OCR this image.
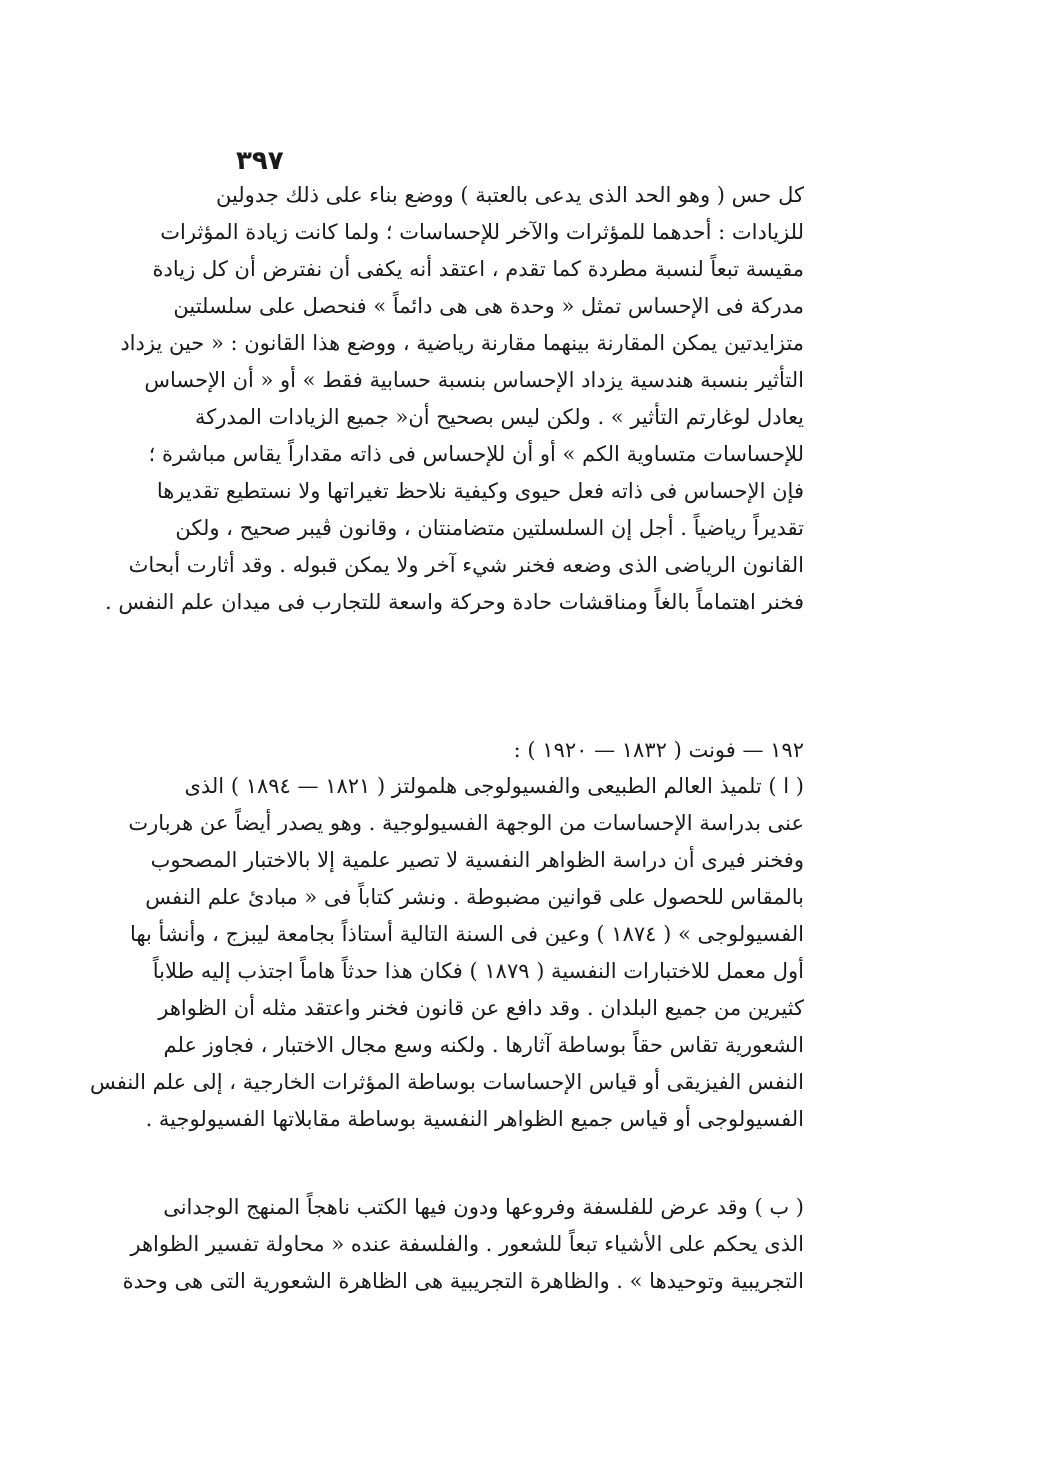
٣٩٧
كل حس ( وهو الحد الذى يدعى بالعتبة ) ووضع بناء على ذلك جدولين
للزيادات : أحدهما للمؤثرات والآخر للإحساسات ؛ ولما كانت زيادة المؤثرات
مقيسة تبعاً لنسبة مطردة كما تقدم ، اعتقد أنه يكفى أن نفترض أن كل زيادة
مدركة فى الإحساس تمثل « وحدة هى هى دائماً » فنحصل على سلسلتين
متزايدتين يمكن المقارنة بينهما مقارنة رياضية ، ووضع هذا القانون : « حين يزداد
التأثير بنسبة هندسية يزداد الإحساس بنسبة حسابية فقط » أو « أن الإحساس
يعادل لوغارتم التأثير » . ولكن ليس بصحيح أن« جميع الزيادات المدركة
للإحساسات متساوية الكم » أو أن للإحساس فى ذاته مقداراً يقاس مباشرة ؛
فإن الإحساس فى ذاته فعل حيوى وكيفية نلاحظ تغيراتها ولا نستطيع تقديرها
تقديراً رياضياً . أجل إن السلسلتين متضامنتان ، وقانون ڤيبر صحيح ، ولكن
القانون الرياضى الذى وضعه فخنر شيء آخر ولا يمكن قبوله . وقد أثارت أبحاث
فخنر اهتماماً بالغاً ومناقشات حادة وحركة واسعة للتجارب فى ميدان علم النفس .
١٩٢ — فونت ( ١٨٣٢ — ١٩٢٠ ) :
( ا ) تلميذ العالم الطبيعى والفسيولوجى هلمولتز ( ١٨٢١ — ١٨٩٤ ) الذى
عنى بدراسة الإحساسات من الوجهة الفسيولوجية . وهو يصدر أيضاً عن هربارت
وفخنر فيرى أن دراسة الظواهر النفسية لا تصير علمية إلا بالاختبار المصحوب
بالمقاس للحصول على قوانين مضبوطة . ونشر كتاباً فى « مبادئ علم النفس
الفسيولوجى » ( ١٨٧٤ ) وعين فى السنة التالية أستاذاً بجامعة ليبزج ، وأنشأ بها
أول معمل للاختبارات النفسية ( ١٨٧٩ ) فكان هذا حدثاً هاماً اجتذب إليه طلاباً
كثيرين من جميع البلدان . وقد دافع عن قانون فخنر واعتقد مثله أن الظواهر
الشعورية تقاس حقاً بوساطة آثارها . ولكنه وسع مجال الاختبار ، فجاوز علم
النفس الفيزيقى أو قياس الإحساسات بوساطة المؤثرات الخارجية ، إلى علم النفس
الفسيولوجى أو قياس جميع الظواهر النفسية بوساطة مقابلاتها الفسيولوجية .
( ب ) وقد عرض للفلسفة وفروعها ودون فيها الكتب ناهجاً المنهج الوجدانى
الذى يحكم على الأشياء تبعاً للشعور . والفلسفة عنده « محاولة تفسير الظواهر
التجريبية وتوحيدها » . والظاهرة التجريبية هى الظاهرة الشعورية التى هى وحدة
